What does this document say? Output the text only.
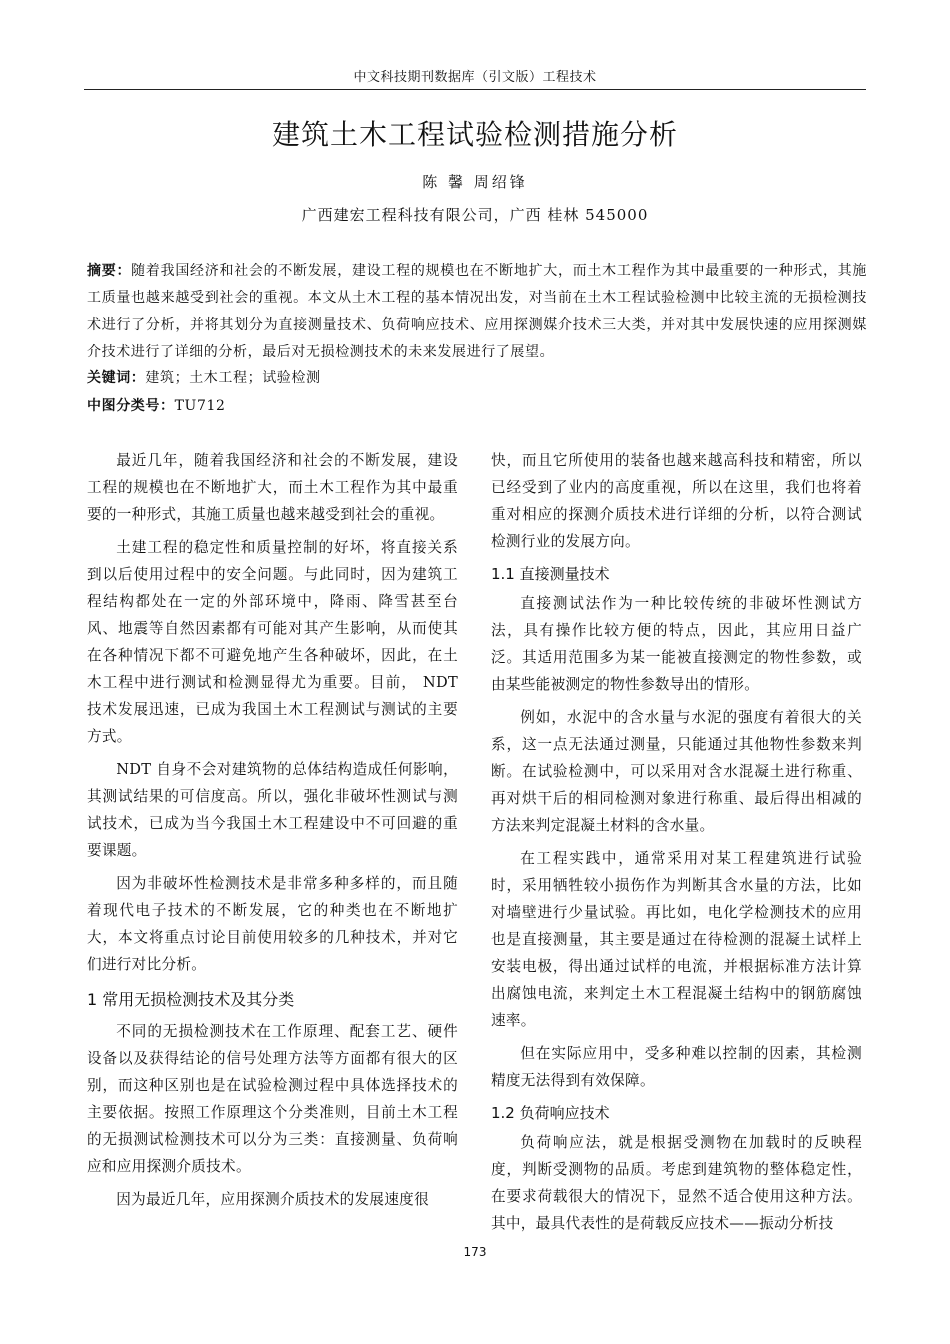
中文科技期刊数据库（引文版）工程技术
建筑土木工程试验检测措施分析
陈 馨 周绍锋
广西建宏工程科技有限公司，广西 桂林 545000

摘要：随着我国经济和社会的不断发展，建设工程的规模也在不断地扩大，而土木工程作为其中最重要的一种形式，其施工质量也越来越受到社会的重视。本文从土木工程的基本情况出发，对当前在土木工程试验检测中比较主流的无损检测技术进行了分析，并将其划分为直接测量技术、负荷响应技术、应用探测媒介技术三大类，并对其中发展快速的应用探测媒介技术进行了详细的分析，最后对无损检测技术的未来发展进行了展望。

关键词：建筑；土木工程；试验检测

中图分类号：TU712

最近几年，随着我国经济和社会的不断发展，建设工程的规模也在不断地扩大，而土木工程作为其中最重要的一种形式，其施工质量也越来越受到社会的重视。

土建工程的稳定性和质量控制的好坏，将直接关系到以后使用过程中的安全问题。与此同时，因为建筑工程结构都处在一定的外部环境中，降雨、降雪甚至台风、地震等自然因素都有可能对其产生影响，从而使其在各种情况下都不可避免地产生各种破坏，因此，在土木工程中进行测试和检测显得尤为重要。目前， NDT 技术发展迅速，已成为我国土木工程测试与测试的主要方式。

NDT 自身不会对建筑物的总体结构造成任何影响，其测试结果的可信度高。所以，强化非破坏性测试与测试技术，已成为当今我国土木工程建设中不可回避的重要课题。

因为非破坏性检测技术是非常多种多样的，而且随着现代电子技术的不断发展，它的种类也在不断地扩大，本文将重点讨论目前使用较多的几种技术，并对它们进行对比分析。

1 常用无损检测技术及其分类

不同的无损检测技术在工作原理、配套工艺、硬件设备以及获得结论的信号处理方法等方面都有很大的区别，而这种区别也是在试验检测过程中具体选择技术的主要依据。按照工作原理这个分类准则，目前土木工程的无损测试检测技术可以分为三类：直接测量、负荷响应和应用探测介质技术。

因为最近几年，应用探测介质技术的发展速度很

快，而且它所使用的装备也越来越高科技和精密，所以已经受到了业内的高度重视，所以在这里，我们也将着重对相应的探测介质技术进行详细的分析，以符合测试检测行业的发展方向。

1.1 直接测量技术

直接测试法作为一种比较传统的非破坏性测试方法，具有操作比较方便的特点，因此，其应用日益广泛。其适用范围多为某一能被直接测定的物性参数，或由某些能被测定的物性参数导出的情形。

例如，水泥中的含水量与水泥的强度有着很大的关系，这一点无法通过测量，只能通过其他物性参数来判断。在试验检测中，可以采用对含水混凝土进行称重、再对烘干后的相同检测对象进行称重、最后得出相减的方法来判定混凝土材料的含水量。

在工程实践中，通常采用对某工程建筑进行试验时，采用牺牲较小损伤作为判断其含水量的方法，比如对墙壁进行少量试验。再比如，电化学检测技术的应用也是直接测量，其主要是通过在待检测的混凝土试样上安装电极，得出通过试样的电流，并根据标准方法计算出腐蚀电流，来判定土木工程混凝土结构中的钢筋腐蚀速率。

但在实际应用中，受多种难以控制的因素，其检测精度无法得到有效保障。

1.2 负荷响应技术

负荷响应法，就是根据受测物在加载时的反映程度，判断受测物的品质。考虑到建筑物的整体稳定性，在要求荷载很大的情况下，显然不适合使用这种方法。其中，最具代表性的是荷载反应技术——振动分析技

173
